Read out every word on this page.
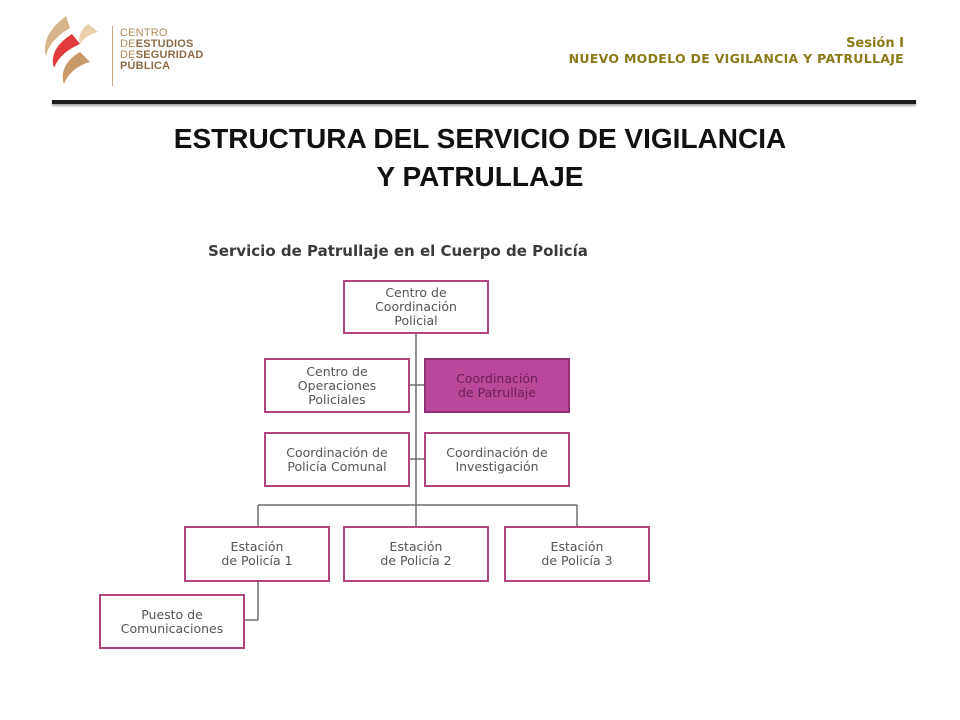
CENTRO
DEESTUDIOS
DESEGURIDAD
PÚBLICA
Sesión I
NUEVO MODELO DE VIGILANCIA Y PATRULLAJE
ESTRUCTURA DEL SERVICIO DE VIGILANCIA
Y PATRULLAJE
Servicio de Patrullaje en el Cuerpo de Policía
Centro de
Coordinación
Policial
Centro de
Operaciones
Policiales
Coordinación
de Patrullaje
Coordinación de
Policía Comunal
Coordinación de
Investigación
Estación
de Policía 1
Estación
de Policía 2
Estación
de Policía 3
Puesto de
Comunicaciones
